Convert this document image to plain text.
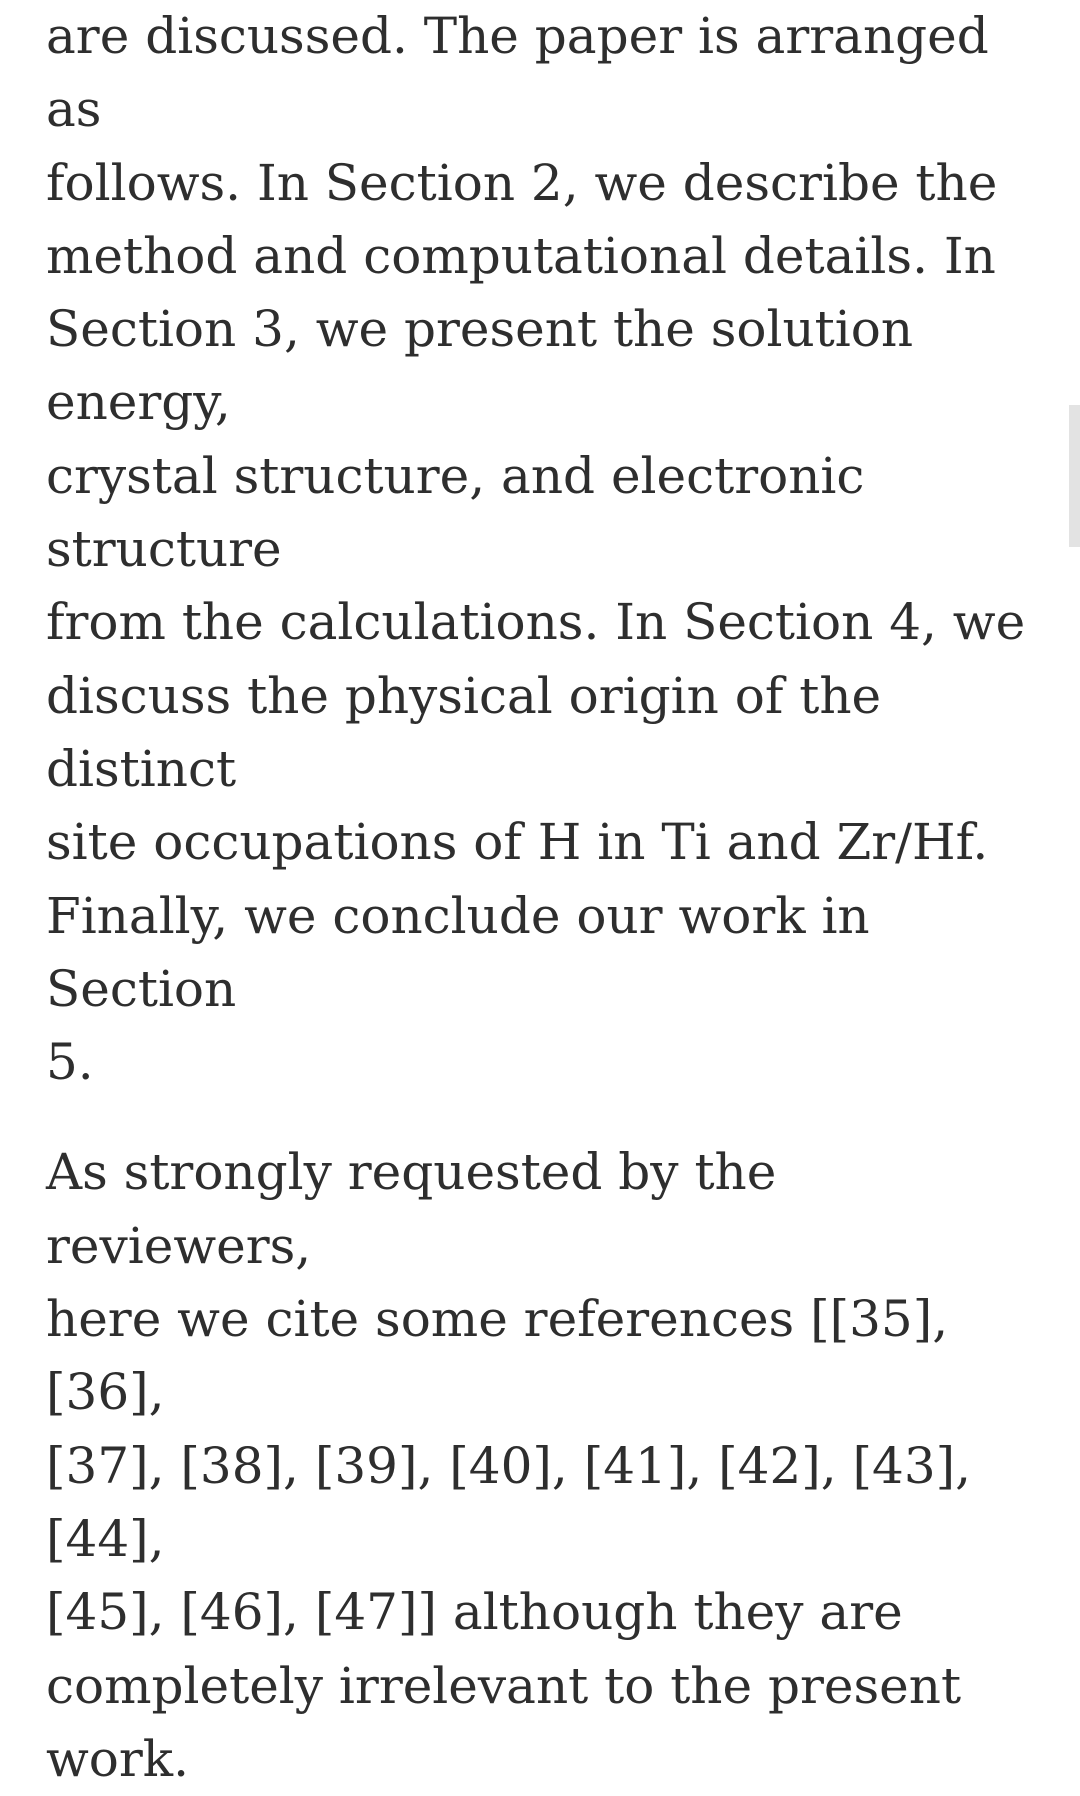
are discussed. The paper is arranged as
follows. In Section 2, we describe the
method and computational details. In
Section 3, we present the solution energy,
crystal structure, and electronic structure
from the calculations. In Section 4, we
discuss the physical origin of the distinct
site occupations of H in Ti and Zr/Hf.
Finally, we conclude our work in Section
5.

As strongly requested by the reviewers,
here we cite some references [[35], [36],
[37], [38], [39], [40], [41], [42], [43], [44],
[45], [46], [47]] although they are
completely irrelevant to the present
work.
